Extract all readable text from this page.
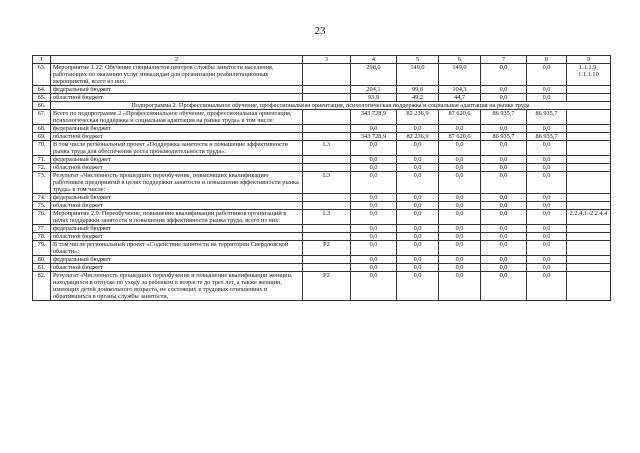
23
1	2	3	4	5	6	7	8	9
63.	Мероприятие 1.22. Обучение специалистов центров службы занятости населения, работающих по оказанию услуг инвалидам для организации реабилитационных мероприятий, всего из них:		298,0	149,0	149,0	0,0	0,0	1.1.1.9, 1.1.1.10
64.	федеральный бюджет		204,1	99,8	104,3	0,0	0,0	
65.	областной бюджет		93,9	49,2	44,7	0,0	0,0	
66.	Подпрограмма 2. Профессиональное обучение, профессиональная ориентация, психологическая поддержка и социальная адаптация на рынке труда							
67.	Всего по подпрограмме 2 «Профессиональное обучение, профессиональная ориентация, психологическая поддержка и социальная адаптация на рынке труда» в том числе:		343 728,9	82 236,9	87 620,6	86 935,7	86 935,7	
68.	федеральный бюджет		0,0	0,0	0,0	0,0	0,0	
69.	областной бюджет		343 728,9	82 236,9	87 620,6	86 935,7	86 935,7	
70.	В том числе региональный проект «Поддержка занятости и повышение эффективности рынка труда для обеспечения роста производительности труда»:	L3	0,0	0,0	0,0	0,0	0,0	
71.	федеральный бюджет		0,0	0,0	0,0	0,0	0,0	
72.	областной бюджет		0,0	0,0	0,0	0,0	0,0	
73.	Результат «Численность прошедших переобучение, повысивших квалификацию работников предприятий в целях поддержки занятости и повышения эффективности рынка труда» в том числе:	L3	0,0	0,0	0,0	0,0	0,0	
74.	федеральный бюджет		0,0	0,0	0,0	0,0	0,0	
75.	областной бюджет		0,0	0,0	0,0	0,0	0,0	
76.	Мероприятие 2.9. Переобучение, повышение квалификации работников организаций в целях поддержки занятости и повышения эффективности рынка труда, всего из них:	L3	0,0	0,0	0,0	0,0	0,0	2.2.4.1–2.2.4.4
77.	федеральный бюджет		0,0	0,0	0,0	0,0	0,0	
78.	областной бюджет		0,0	0,0	0,0	0,0	0,0	
79.	В том числе региональный проект «Содействие занятости на территории Свердловской области»:	P2	0,0	0,0	0,0	0,0	0,0	
80.	федеральный бюджет		0,0	0,0	0,0	0,0	0,0	
81.	областной бюджет		0,0	0,0	0,0	0,0	0,0	
82.	Результат «Численность прошедших переобучение и повышение квалификации женщин, находящихся в отпуске по уходу за ребенком в возрасте до трех лет, а также женщин, имеющих детей дошкольного возраста, не состоящих в трудовых отношениях и обратившихся в органы службы занятости,	P2	0,0	0,0	0,0	0,0	0,0	
